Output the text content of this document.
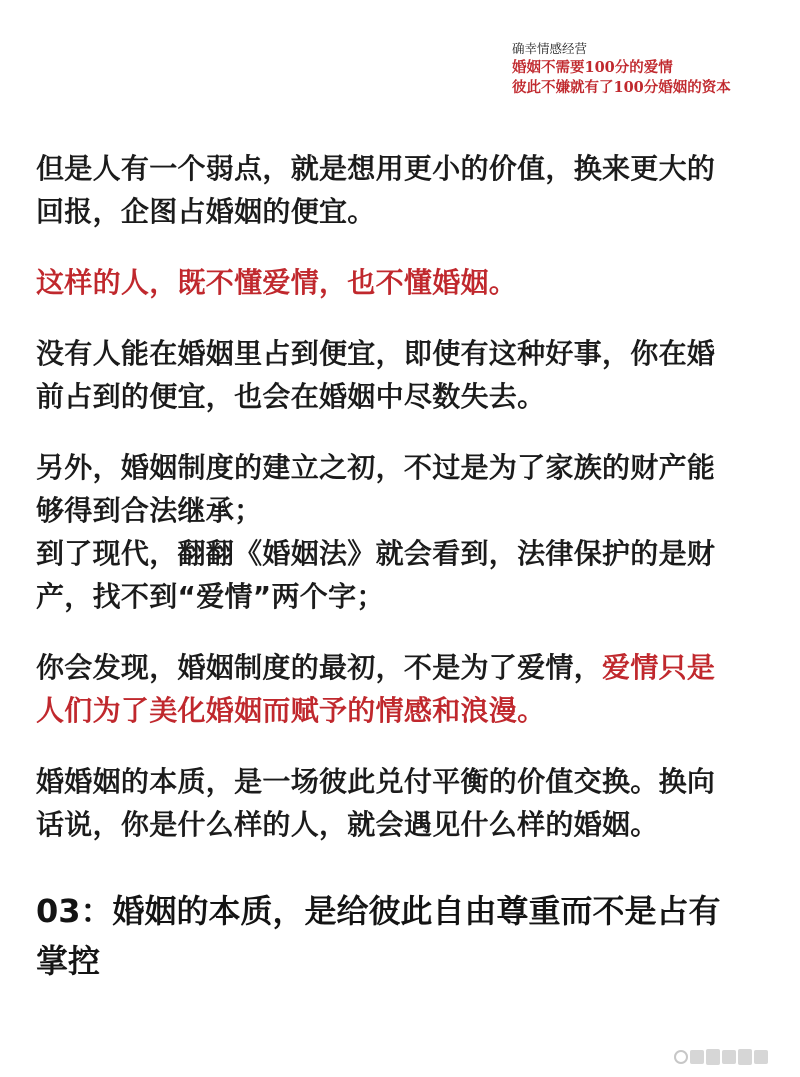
确幸情感经营
婚姻不需要100分的爱情
彼此不嫌就有了100分婚姻的资本

但是人有一个弱点，就是想用更小的价值，换来更大的
回报，企图占婚姻的便宜。

这样的人，既不懂爱情，也不懂婚姻。

没有人能在婚姻里占到便宜，即使有这种好事，你在婚
前占到的便宜，也会在婚姻中尽数失去。

另外，婚姻制度的建立之初，不过是为了家族的财产能
够得到合法继承；

到了现代，翻翻《婚姻法》就会看到，法律保护的是财
产，找不到“爱情”两个字；

你会发现，婚姻制度的最初，不是为了爱情，爱情只是
人们为了美化婚姻而赋予的情感和浪漫。

婚婚姻的本质，是一场彼此兑付平衡的价值交换。换向
话说，你是什么样的人，就会遇见什么样的婚姻。

03：婚姻的本质，是给彼此自由尊重而不是占有
掌控
